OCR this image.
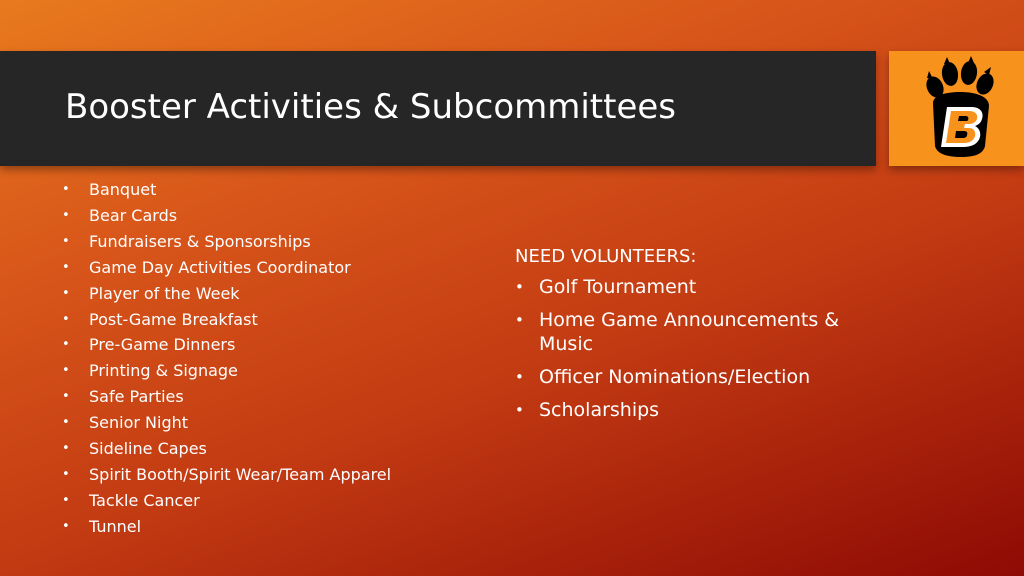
Booster Activities & Subcommittees
• Banquet
• Bear Cards
• Fundraisers & Sponsorships
• Game Day Activities Coordinator
• Player of the Week
• Post-Game Breakfast
• Pre-Game Dinners
• Printing & Signage
• Safe Parties
• Senior Night
• Sideline Capes
• Spirit Booth/Spirit Wear/Team Apparel
• Tackle Cancer
• Tunnel
NEED VOLUNTEERS:
• Golf Tournament
• Home Game Announcements & Music
• Officer Nominations/Election
• Scholarships
